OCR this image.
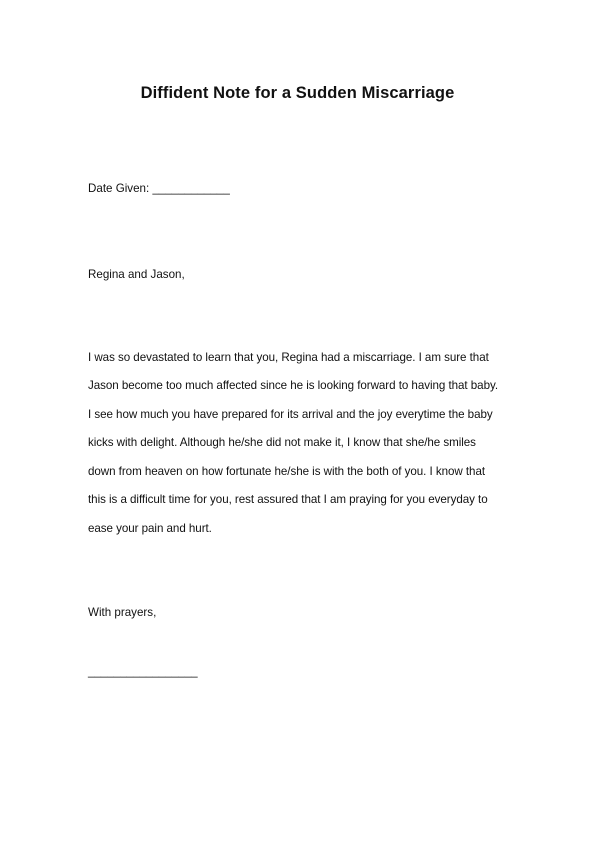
Diffident Note for a Sudden Miscarriage

Date Given: ____________

Regina and Jason,

I was so devastated to learn that you, Regina had a miscarriage. I am sure that

Jason become too much affected since he is looking forward to having that baby.

I see how much you have prepared for its arrival and the joy everytime the baby

kicks with delight. Although he/she did not make it, I know that she/he smiles

down from heaven on how fortunate he/she is with the both of you. I know that

this is a difficult time for you, rest assured that I am praying for you everyday to

ease your pain and hurt.

With prayers,

_________________
